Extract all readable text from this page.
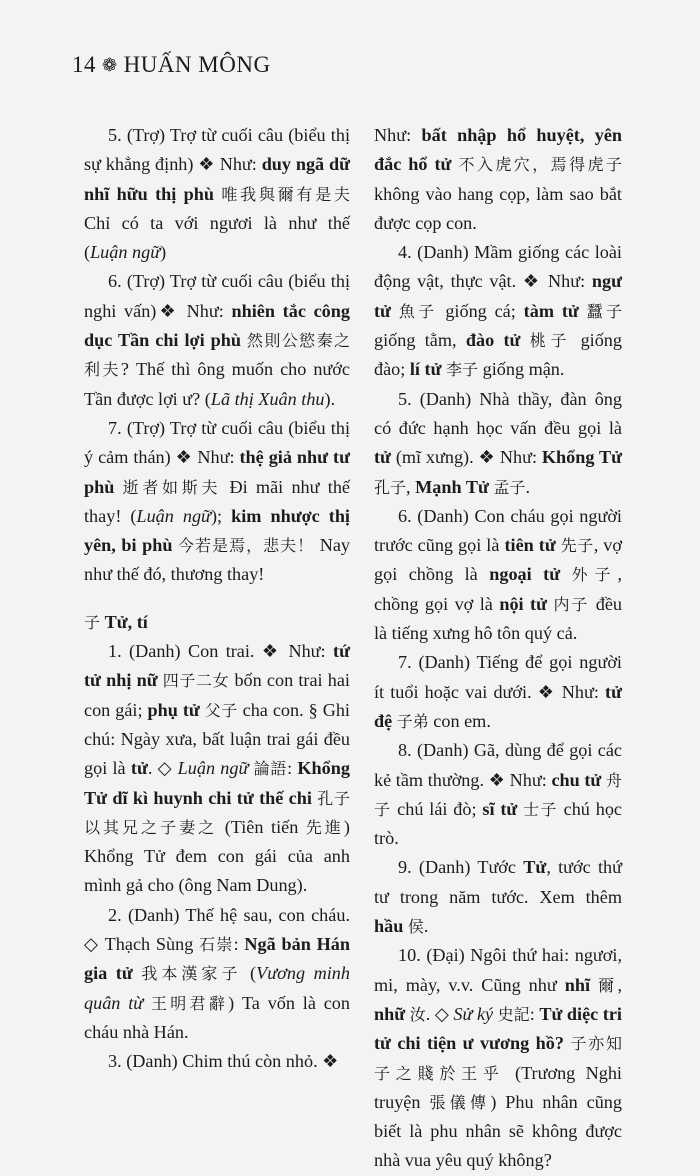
14 ❁ HUẤN MÔNG

5. (Trợ) Trợ từ cuối câu (biểu thị sự khẳng định) ❖ Như: duy ngã dữ nhĩ hữu thị phù 唯我與爾有是夫 Chỉ có ta với ngươi là như thế (Luận ngữ)

6. (Trợ) Trợ từ cuối câu (biểu thị nghi vấn)❖ Như: nhiên tắc công dục Tần chi lợi phù 然則公慾秦之利夫? Thế thì ông muốn cho nước Tần được lợi ư? (Lã thị Xuân thu).

7. (Trợ) Trợ từ cuối câu (biểu thị ý cảm thán) ❖ Như: thệ giả như tư phù 逝者如斯夫 Đi mãi như thế thay! (Luận ngữ); kim nhược thị yên, bi phù 今若是焉，悲夫！ Nay như thế đó, thương thay!

子 Tử, tí

1. (Danh) Con trai. ❖ Như: tứ tử nhị nữ 四子二女 bốn con trai hai con gái; phụ tử 父子 cha con. § Ghi chú: Ngày xưa, bất luận trai gái đều gọi là tử. ◇ Luận ngữ 論語: Khổng Tử dĩ kì huynh chi tử thế chi 孔子以其兄之子妻之 (Tiên tiến 先進) Khổng Tử đem con gái của anh mình gả cho (ông Nam Dung).

2. (Danh) Thế hệ sau, con cháu. ◇ Thạch Sùng 石崇: Ngã bản Hán gia tử 我本漢家子 (Vương minh quân từ 王明君辭) Ta vốn là con cháu nhà Hán.

3. (Danh) Chim thú còn nhỏ. ❖

Như: bất nhập hổ huyệt, yên đắc hổ tử 不入虎穴，焉得虎子 không vào hang cọp, làm sao bắt được cọp con.

4. (Danh) Mầm giống các loài động vật, thực vật. ❖ Như: ngư tử 魚子 giống cá; tàm tử 蠶子 giống tằm, đào tử 桃子 giống đào; lí tử 李子 giống mận.

5. (Danh) Nhà thầy, đàn ông có đức hạnh học vấn đều gọi là tử (mĩ xưng). ❖ Như: Khổng Tử 孔子, Mạnh Tử 孟子.

6. (Danh) Con cháu gọi người trước cũng gọi là tiên tử 先子, vợ gọi chồng là ngoại tử 外子, chồng gọi vợ là nội tử 内子 đều là tiếng xưng hô tôn quý cả.

7. (Danh) Tiếng để gọi người ít tuổi hoặc vai dưới. ❖ Như: tử đệ 子弟 con em.

8. (Danh) Gã, dùng để gọi các kẻ tầm thường. ❖ Như: chu tử 舟子 chú lái đò; sĩ tử 士子 chú học trò.

9. (Danh) Tước Tử, tước thứ tư trong năm tước. Xem thêm hầu 侯.

10. (Đại) Ngôi thứ hai: ngươi, mi, mày, v.v. Cũng như nhĩ 爾, nhữ 汝. ◇ Sử ký 史記: Tử diệc tri tử chi tiện ư vương hồ? 子亦知子之賤於王乎 (Trương Nghi truyện 張儀傳) Phu nhân cũng biết là phu nhân sẽ không được nhà vua yêu quý không?
